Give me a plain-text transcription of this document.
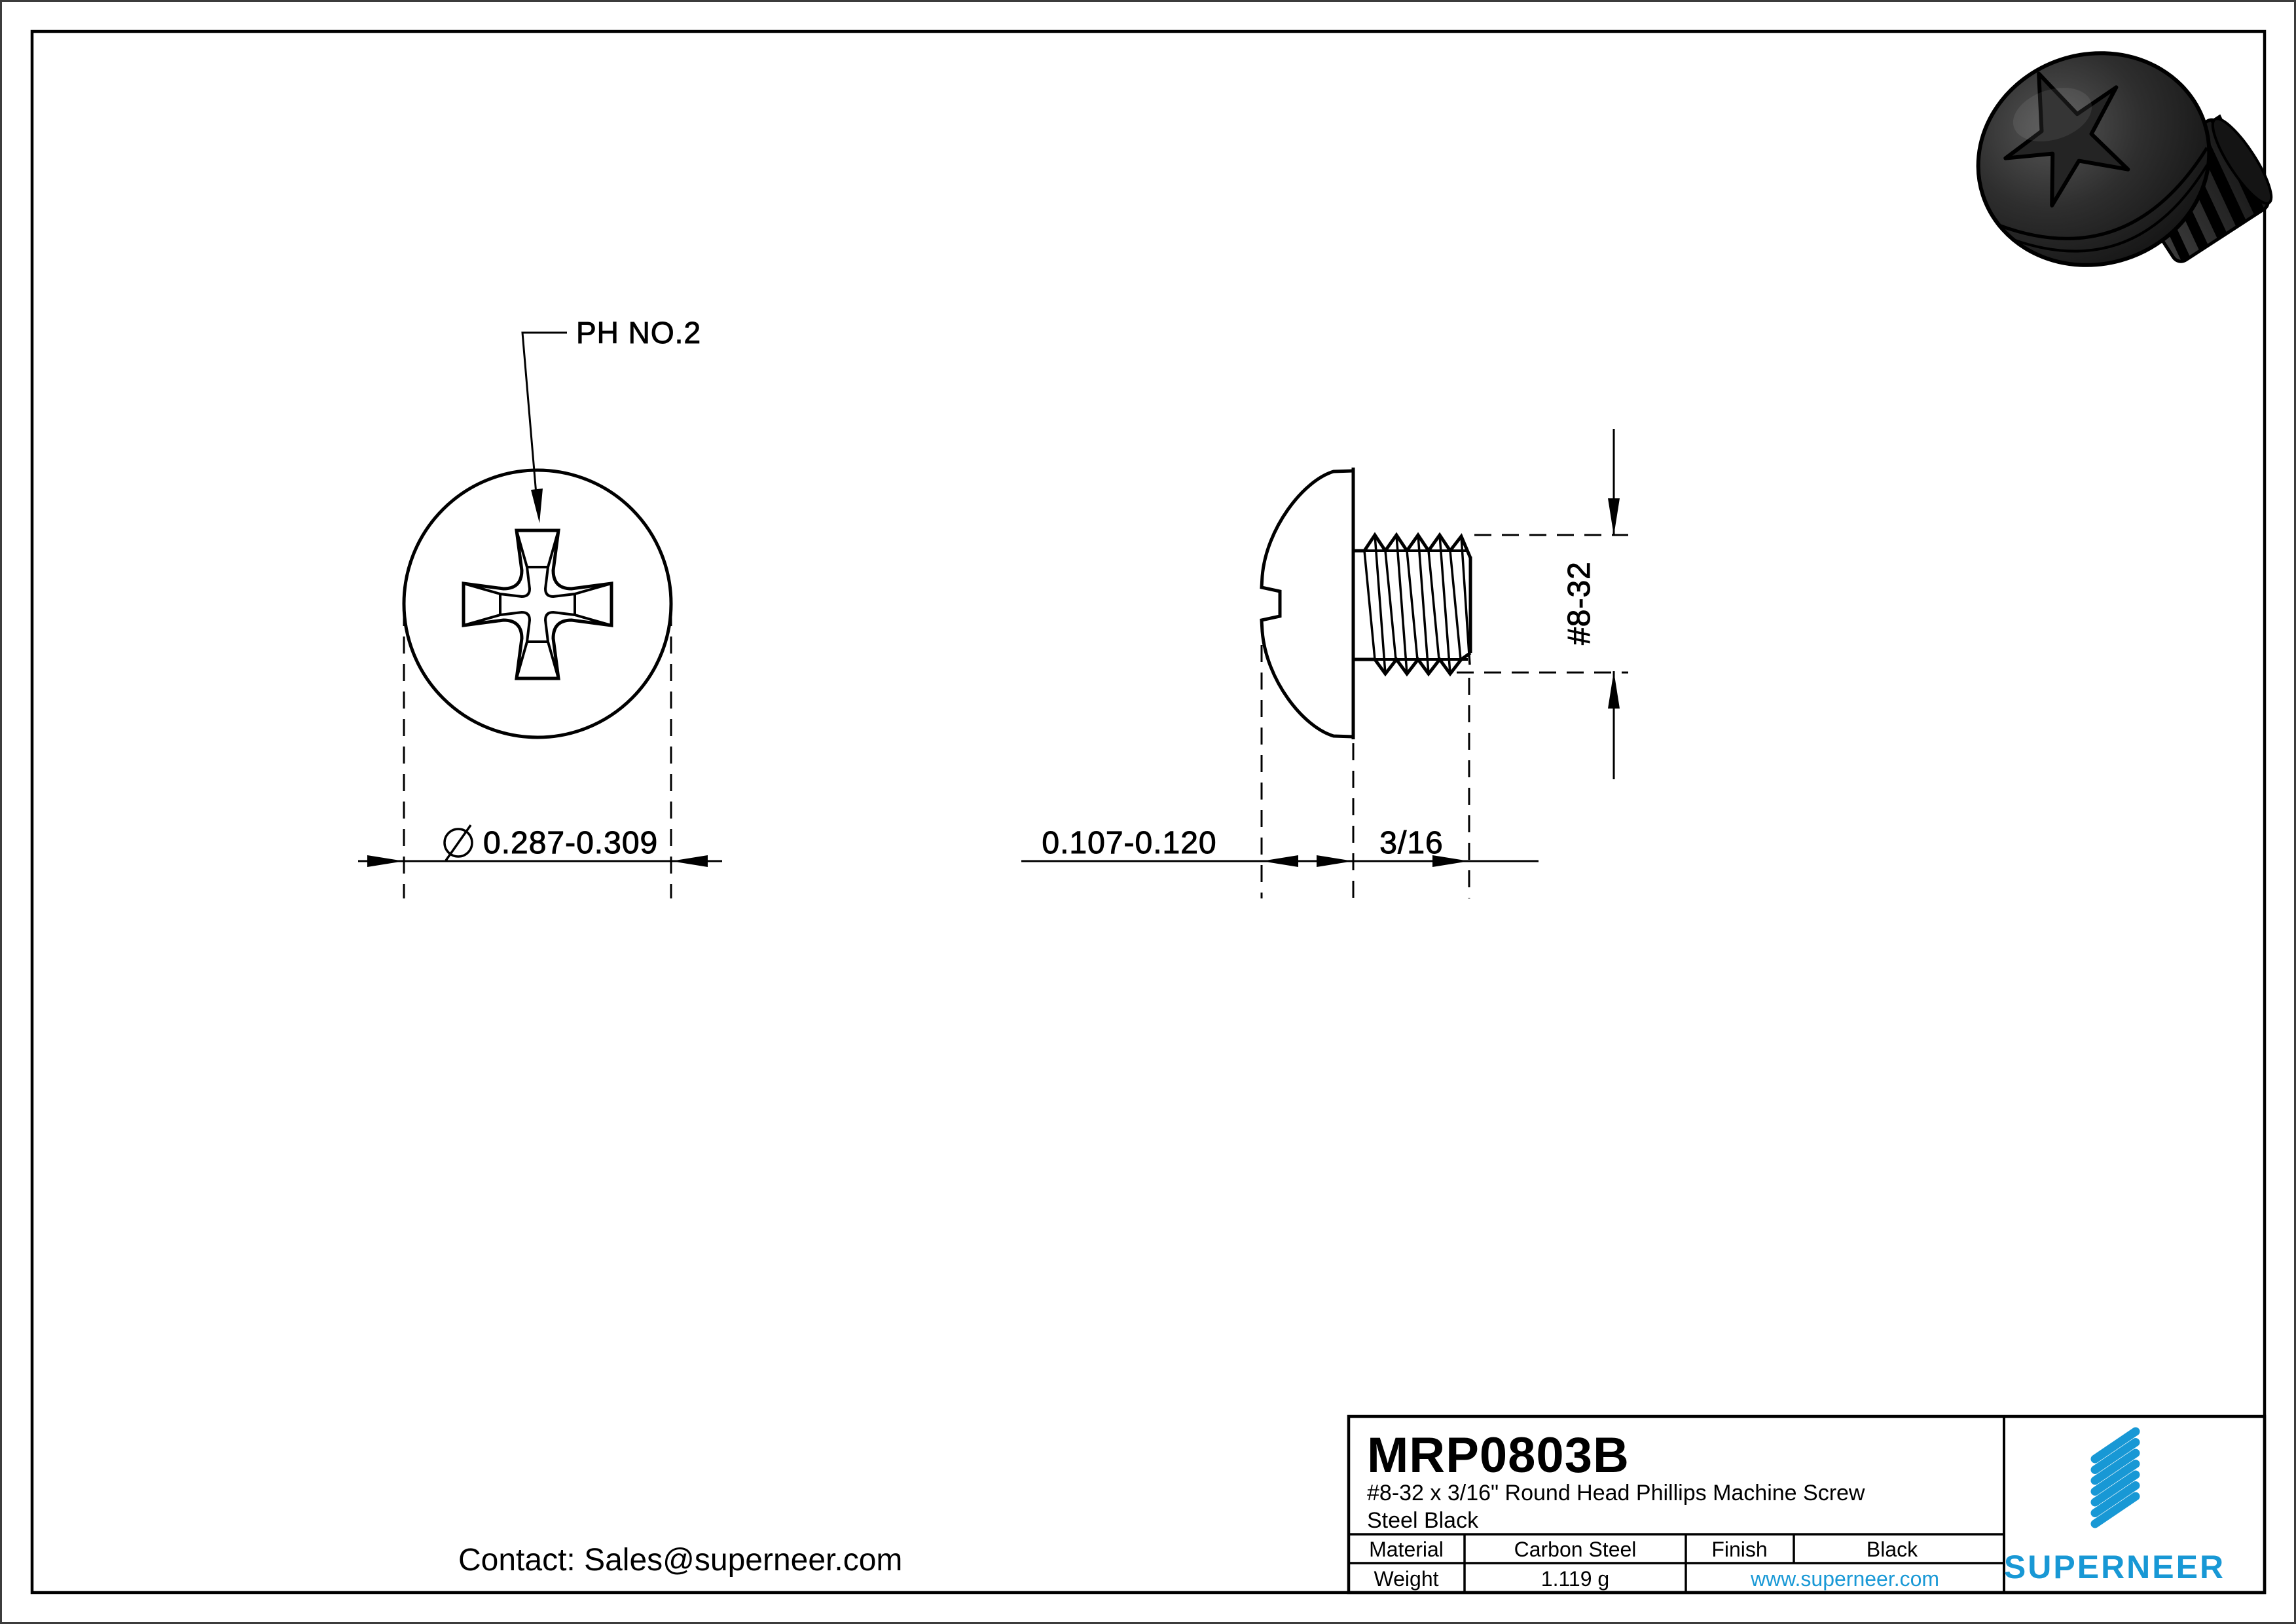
PH NO.2
0.287-0.309	0.107-0.120	3/16
#8-32
MRP0803B
#8-32 x 3/16" Round Head Phillips Machine Screw
Steel Black
Material	Carbon Steel	Finish	Black
Weight	1.119 g	www.superneer.com SUPERNEER
Contact: Sales@superneer.com
